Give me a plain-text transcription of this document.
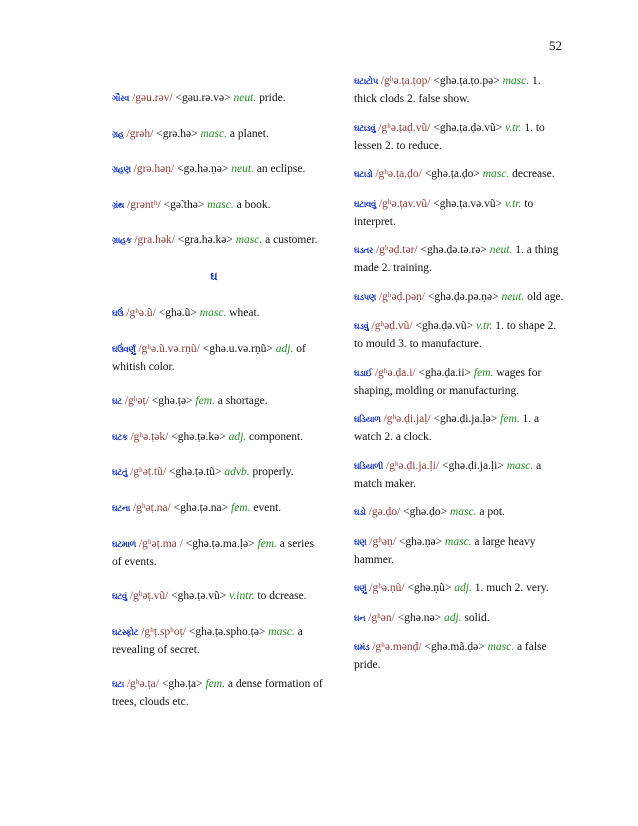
52
ગૌરવ /gəu.rəv/ <gəu.rə.və> neut. pride.
ગ્રહ /grəh/ <grə.hə> masc. a planet.
ગ્રહણ /grə.həṇ/ <gə.hə.ṇə> neut. an eclipse.
ગ્રંથ /grəntʰ/ <gə̃.thə> masc. a book.
ગ્રાહક /gra.hək/ <gra.hə.kə> masc. a customer.
ઘ
ઘઉં /gʰə.ũ/ <ghə.ũ> masc. wheat.
ઘઉંવર્ણું /gʰə.ũ.və.rṇũ/ <ghə.u.və.rṇũ> adj. of whitish color.
ઘટ /gʰəṭ/ <ghə.ṭə> fem. a shortage.
ઘટક /gʰə.ṭək/ <ghə.ṭə.kə> adj. component.
ઘટતું /gʰəṭ.tũ/ <ghə.ṭə.tũ> advb. properly.
ઘટના /gʰəṭ.na/ <ghə.ṭə.na> fem. event.
ઘટમાળ /gʰəṭ.ma / <ghə.ṭə.ma.ḷə> fem. a series of events.
ઘટવું /gʰəṭ.vũ/ <ghə.ṭə.vũ> v.intr. to dcrease.
ઘટસ્ફોટ /gʰṭ.spʰoṭ/ <ghə.ṭə.spho.ṭə> masc. a revealing of secret.
ઘટા /gʰə.ṭa/ <ghə.ṭa> fem. a dense formation of trees, clouds etc.
ઘટાટોપ /gʰə.ṭa.ṭop/ <ghə.ṭa.ṭo.pə> masc. 1. thick clods 2. false show.
ઘટાડવું /gʰə.ṭaḍ.vũ/ <ghə.ṭa.ḍə.vũ> v.tr. 1. to lessen 2. to reduce.
ઘટાડો /gʰə.ṭa.ḍo/ <ghə.ṭa.ḍo> masc. decrease.
ઘટાવવું /gʰə.ṭav.vũ/ <ghə.ṭa.və.vũ> v.tr. to interpret.
ઘડતર /gʰəḍ.tər/ <ghə.ḍə.tə.rə> neut. 1. a thing made 2. training.
ઘડપણ /gʰəḍ.pəṇ/ <ghə.ḍə.pə.ṇə> neut. old age.
ઘડવું /gʰəḍ.vũ/ <ghə.ḍə.vũ> v.tr. 1. to shape 2. to mould 3. to manufacture.
ઘડાઈ /gʰə.ḍa.i/ <ghə.ḍa.ii> fem. wages for shaping, molding or manufacturing.
ઘડિયાળ /gʰə.ḍi.jaḷ/ <ghə.ḍi.ja.ḷə> fem. 1. a watch 2. a clock.
ઘડિયાળી /gʰə.ḍi.ja.ḷi/ <ghə.ḍi.ja.ḷi> masc. a match maker.
ઘડો /gə.ḍo/ <ghə.ḍo> masc. a pot.
ઘણ /gʰəṇ/ <ghə.ṇə> masc. a large heavy hammer.
ઘણું /gʰə.ṇũ/ <ghə.ṇũ> adj. 1. much 2. very.
ઘન /gʰən/ <ghə.nə> adj. solid.
ઘમંડ /gʰə.mənḍ/ <ghə.mã.ḍə> masc. a false pride.
